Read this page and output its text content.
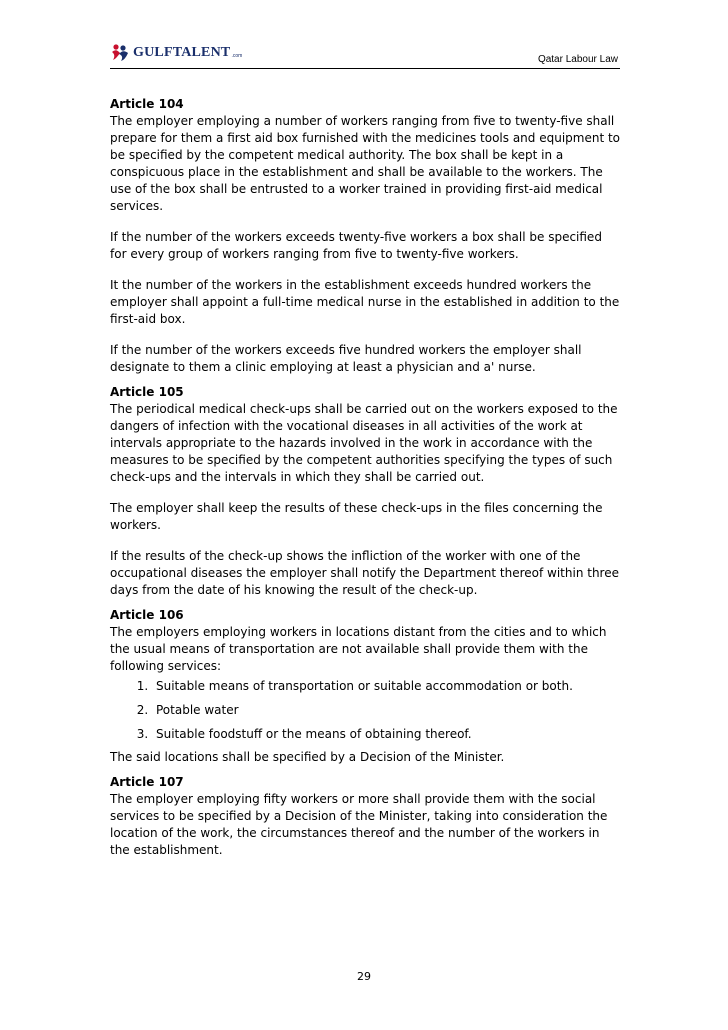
GULFTALENT .com	Qatar Labour Law

Article 104

The employer employing a number of workers ranging from five to twenty-five shall prepare for them a first aid box furnished with the medicines tools and equipment to be specified by the competent medical authority. The box shall be kept in a conspicuous place in the establishment and shall be available to the workers. The use of the box shall be entrusted to a worker trained in providing first-aid medical services.

If the number of the workers exceeds twenty-five workers a box shall be specified for every group of workers ranging from five to twenty-five workers.

It the number of the workers in the establishment exceeds hundred workers the employer shall appoint a full-time medical nurse in the established in addition to the first-aid box.

If the number of the workers exceeds five hundred workers the employer shall designate to them a clinic employing at least a physician and a' nurse.

Article 105

The periodical medical check-ups shall be carried out on the workers exposed to the dangers of infection with the vocational diseases in all activities of the work at intervals appropriate to the hazards involved in the work in accordance with the measures to be specified by the competent authorities specifying the types of such check-ups and the intervals in which they shall be carried out.

The employer shall keep the results of these check-ups in the files concerning the workers.

If the results of the check-up shows the infliction of the worker with one of the occupational diseases the employer shall notify the Department thereof within three days from the date of his knowing the result of the check-up.

Article 106

The employers employing workers in locations distant from the cities and to which the usual means of transportation are not available shall provide them with the following services:

1. Suitable means of transportation or suitable accommodation or both.
2. Potable water
3. Suitable foodstuff or the means of obtaining thereof.

The said locations shall be specified by a Decision of the Minister.

Article 107

The employer employing fifty workers or more shall provide them with the social services to be specified by a Decision of the Minister, taking into consideration the location of the work, the circumstances thereof and the number of the workers in the establishment.

29
